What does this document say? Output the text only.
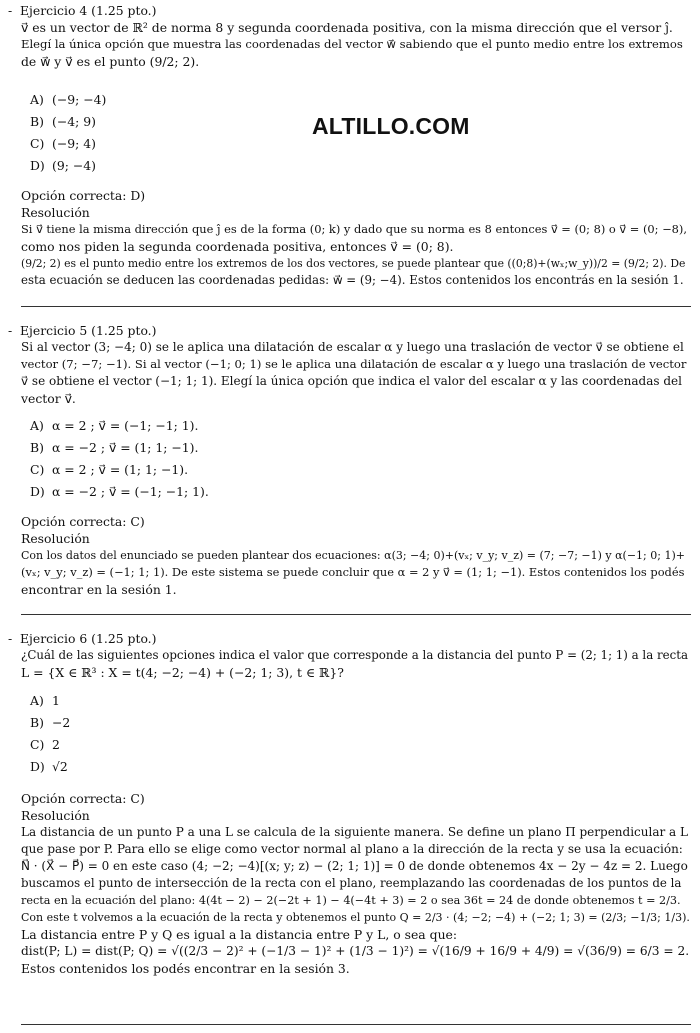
ALTILLO.COM
- Ejercicio 4 (1.25 pto.)

v⃗ es un vector de ℝ² de norma 8 y segunda coordenada positiva, con la misma dirección que el versor ĵ.

Elegí la única opción que muestra las coordenadas del vector w⃗ sabiendo que el punto medio entre los extremos

de w⃗ y v⃗ es el punto (9/2; 2).

A) (−9; −4)
B) (−4; 9)
C) (−9; 4)
D) (9; −4)

Opción correcta: D)

Resolución

Si v⃗ tiene la misma dirección que ĵ es de la forma (0; k) y dado que su norma es 8 entonces v⃗ = (0; 8) o v⃗ = (0; −8),

como nos piden la segunda coordenada positiva, entonces v⃗ = (0; 8).

(9/2; 2) es el punto medio entre los extremos de los dos vectores, se puede plantear que ((0;8)+(wₓ;w_y))/2 = (9/2; 2). De

esta ecuación se deducen las coordenadas pedidas: w⃗ = (9; −4). Estos contenidos los encontrás en la sesión 1.

- Ejercicio 5 (1.25 pto.)

Si al vector (3; −4; 0) se le aplica una dilatación de escalar α y luego una traslación de vector v⃗ se obtiene el

vector (7; −7; −1). Si al vector (−1; 0; 1) se le aplica una dilatación de escalar α y luego una traslación de vector

v⃗ se obtiene el vector (−1; 1; 1). Elegí la única opción que indica el valor del escalar α y las coordenadas del

vector v⃗.

A) α = 2 ; v⃗ = (−1; −1; 1).
B) α = −2 ; v⃗ = (1; 1; −1).
C) α = 2 ; v⃗ = (1; 1; −1).
D) α = −2 ; v⃗ = (−1; −1; 1).

Opción correcta: C)

Resolución

Con los datos del enunciado se pueden plantear dos ecuaciones: α(3; −4; 0)+(vₓ; v_y; v_z) = (7; −7; −1) y α(−1; 0; 1)+

(vₓ; v_y; v_z) = (−1; 1; 1). De este sistema se puede concluir que α = 2 y v⃗ = (1; 1; −1). Estos contenidos los podés

encontrar en la sesión 1.

- Ejercicio 6 (1.25 pto.)

¿Cuál de las siguientes opciones indica el valor que corresponde a la distancia del punto P = (2; 1; 1) a la recta

L = {X ∈ ℝ³ : X = t(4; −2; −4) + (−2; 1; 3), t ∈ ℝ}?

A) 1
B) −2
C) 2
D) √2

Opción correcta: C)

Resolución

La distancia de un punto P a una L se calcula de la siguiente manera. Se define un plano Π perpendicular a L

que pase por P. Para ello se elige como vector normal al plano a la dirección de la recta y se usa la ecuación:

N⃗ · (X⃗ − P⃗) = 0 en este caso (4; −2; −4)[(x; y; z) − (2; 1; 1)] = 0 de donde obtenemos 4x − 2y − 4z = 2. Luego

buscamos el punto de intersección de la recta con el plano, reemplazando las coordenadas de los puntos de la

recta en la ecuación del plano: 4(4t − 2) − 2(−2t + 1) − 4(−4t + 3) = 2 o sea 36t = 24 de donde obtenemos t = 2/3.

Con este t volvemos a la ecuación de la recta y obtenemos el punto Q = 2/3 · (4; −2; −4) + (−2; 1; 3) = (2/3; −1/3; 1/3).

La distancia entre P y Q es igual a la distancia entre P y L, o sea que:

dist(P; L) = dist(P; Q) = √((2/3 − 2)² + (−1/3 − 1)² + (1/3 − 1)²) = √(16/9 + 16/9 + 4/9) = √(36/9) = 6/3 = 2.

Estos contenidos los podés encontrar en la sesión 3.
